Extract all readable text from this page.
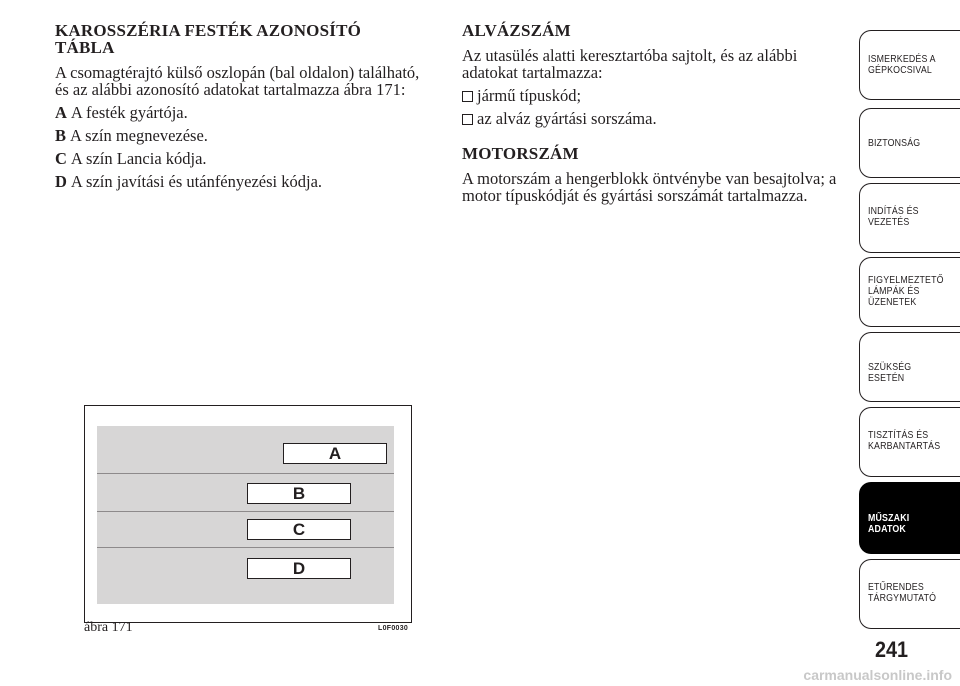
KAROSSZÉRIA FESTÉK AZONOSÍTÓ
TÁBLA

A csomagtérajtó külső oszlopán (bal oldalon) található, és az alábbi azonosító adatokat tartalmazza ábra 171:

A A festék gyártója.
B A szín megnevezése.
C A szín Lancia kódja.
D A szín javítási és utánfényezési kódja.
ALVÁZSZÁM

Az utasülés alatti keresztartóba sajtolt, és az alábbi adatokat tartalmazza:

jármű típuskód;
az alváz gyártási sorszáma.
MOTORSZÁM

A motorszám a hengerblokk öntvénybe van besajtolva; a motor típuskódját és gyártási sorszámát tartalmazza.

A
B
C
D
ábra 171	L0F0030
ISMERKEDÉS A
GÉPKOCSIVAL
BIZTONSÁG
INDÍTÁS ÉS
VEZETÉS
FIGYELMEZTETŐ
LÁMPÁK ÉS
ÜZENETEK
SZÜKSÉG ESETÉN
TISZTÍTÁS ÉS
KARBANTARTÁS
MŰSZAKI ADATOK
ETŰRENDES
TÁRGYMUTATÓ
241
carmanualsonline.info
